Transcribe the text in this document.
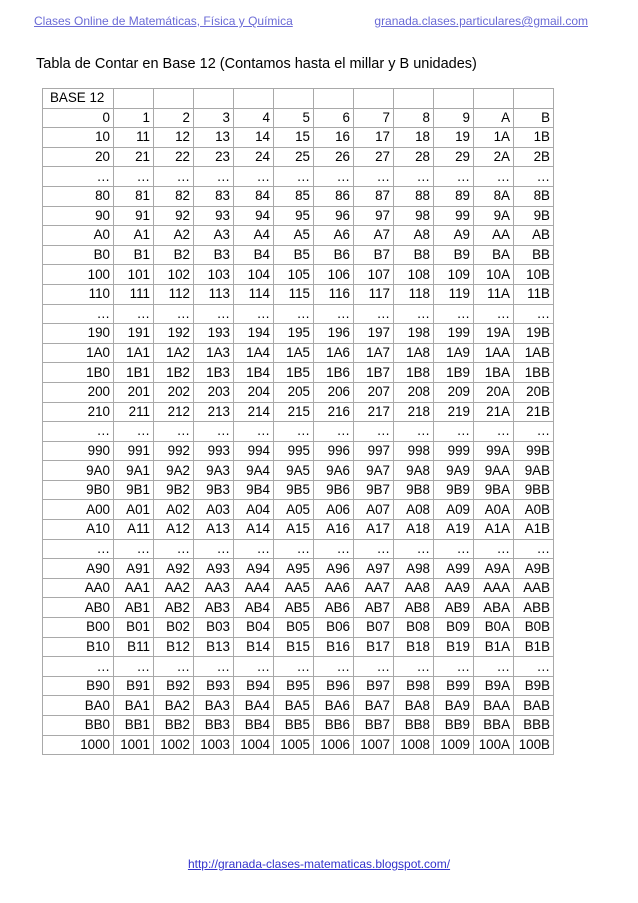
Clases Online de Matemáticas, Física y Química	granada.clases.particulares@gmail.com
Tabla de Contar en Base 12 (Contamos hasta el millar y B unidades)
BASE 12											
0	1	2	3	4	5	6	7	8	9	A	B
10	11	12	13	14	15	16	17	18	19	1A	1B
20	21	22	23	24	25	26	27	28	29	2A	2B
…	…	…	…	…	…	…	…	…	…	…	…
80	81	82	83	84	85	86	87	88	89	8A	8B
90	91	92	93	94	95	96	97	98	99	9A	9B
A0	A1	A2	A3	A4	A5	A6	A7	A8	A9	AA	AB
B0	B1	B2	B3	B4	B5	B6	B7	B8	B9	BA	BB
100	101	102	103	104	105	106	107	108	109	10A	10B
110	111	112	113	114	115	116	117	118	119	11A	11B
…	…	…	…	…	…	…	…	…	…	…	…
190	191	192	193	194	195	196	197	198	199	19A	19B
1A0	1A1	1A2	1A3	1A4	1A5	1A6	1A7	1A8	1A9	1AA	1AB
1B0	1B1	1B2	1B3	1B4	1B5	1B6	1B7	1B8	1B9	1BA	1BB
200	201	202	203	204	205	206	207	208	209	20A	20B
210	211	212	213	214	215	216	217	218	219	21A	21B
…	…	…	…	…	…	…	…	…	…	…	…
990	991	992	993	994	995	996	997	998	999	99A	99B
9A0	9A1	9A2	9A3	9A4	9A5	9A6	9A7	9A8	9A9	9AA	9AB
9B0	9B1	9B2	9B3	9B4	9B5	9B6	9B7	9B8	9B9	9BA	9BB
A00	A01	A02	A03	A04	A05	A06	A07	A08	A09	A0A	A0B
A10	A11	A12	A13	A14	A15	A16	A17	A18	A19	A1A	A1B
…	…	…	…	…	…	…	…	…	…	…	…
A90	A91	A92	A93	A94	A95	A96	A97	A98	A99	A9A	A9B
AA0	AA1	AA2	AA3	AA4	AA5	AA6	AA7	AA8	AA9	AAA	AAB
AB0	AB1	AB2	AB3	AB4	AB5	AB6	AB7	AB8	AB9	ABA	ABB
B00	B01	B02	B03	B04	B05	B06	B07	B08	B09	B0A	B0B
B10	B11	B12	B13	B14	B15	B16	B17	B18	B19	B1A	B1B
…	…	…	…	…	…	…	…	…	…	…	…
B90	B91	B92	B93	B94	B95	B96	B97	B98	B99	B9A	B9B
BA0	BA1	BA2	BA3	BA4	BA5	BA6	BA7	BA8	BA9	BAA	BAB
BB0	BB1	BB2	BB3	BB4	BB5	BB6	BB7	BB8	BB9	BBA	BBB
1000	1001	1002	1003	1004	1005	1006	1007	1008	1009	100A	100B
http://granada-clases-matematicas.blogspot.com/
